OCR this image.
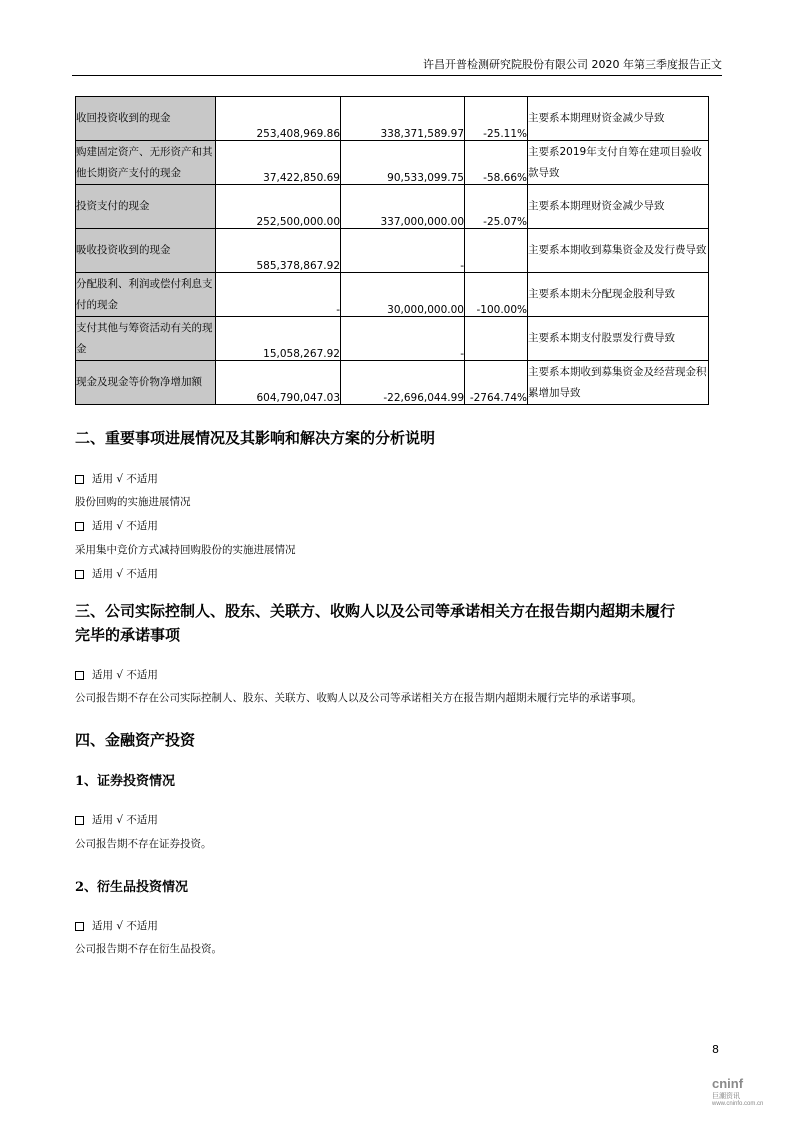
许昌开普检测研究院股份有限公司 2020 年第三季度报告正文
收回投资收到的现金	253,408,969.86	338,371,589.97	-25.11%	主要系本期理财资金减少导致
购建固定资产、无形资产和其他长期资产支付的现金	37,422,850.69	90,533,099.75	-58.66%	主要系2019年支付自筹在建项目验收款导致
投资支付的现金	252,500,000.00	337,000,000.00	-25.07%	主要系本期理财资金减少导致
吸收投资收到的现金	585,378,867.92	-		主要系本期收到募集资金及发行费导致
分配股利、利润或偿付利息支付的现金	-	30,000,000.00	-100.00%	主要系本期未分配现金股利导致
支付其他与筹资活动有关的现金	15,058,267.92	-		主要系本期支付股票发行费导致
现金及现金等价物净增加额	604,790,047.03	-22,696,044.99	-2764.74%	主要系本期收到募集资金及经营现金积累增加导致
二、重要事项进展情况及其影响和解决方案的分析说明
适用 √ 不适用
股份回购的实施进展情况
适用 √ 不适用
采用集中竞价方式减持回购股份的实施进展情况
适用 √ 不适用
三、公司实际控制人、股东、关联方、收购人以及公司等承诺相关方在报告期内超期未履行
完毕的承诺事项
适用 √ 不适用
公司报告期不存在公司实际控制人、股东、关联方、收购人以及公司等承诺相关方在报告期内超期未履行完毕的承诺事项。
四、金融资产投资
1、证券投资情况
适用 √ 不适用
公司报告期不存在证券投资。
2、衍生品投资情况
适用 √ 不适用
公司报告期不存在衍生品投资。
8
cninf
巨潮资讯
www.cninfo.com.cn
